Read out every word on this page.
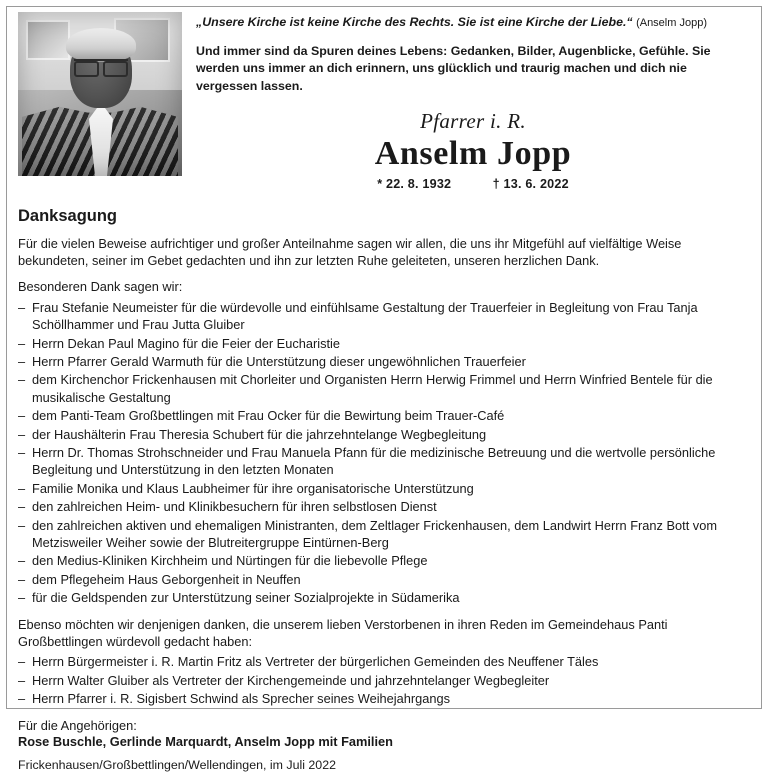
„Unsere Kirche ist keine Kirche des Rechts. Sie ist eine Kirche der Liebe.“ (Anselm Jopp)
Und immer sind da Spuren deines Lebens: Gedanken, Bilder, Augenblicke, Gefühle. Sie werden uns immer an dich erinnern, uns glücklich und traurig machen und dich nie vergessen lassen.
Pfarrer i. R.
Anselm Jopp
* 22. 8. 1932	† 13. 6. 2022
Danksagung

Für die vielen Beweise aufrichtiger und großer Anteilnahme sagen wir allen, die uns ihr Mitgefühl auf vielfältige Weise bekundeten, seiner im Gebet gedachten und ihn zur letzten Ruhe geleiteten, unseren herzlichen Dank.

Besonderen Dank sagen wir:

– Frau Stefanie Neumeister für die würdevolle und einfühlsame Gestaltung der Trauerfeier in Begleitung von Frau Tanja Schöllhammer und Frau Jutta Gluiber
– Herrn Dekan Paul Magino für die Feier der Eucharistie
– Herrn Pfarrer Gerald Warmuth für die Unterstützung dieser ungewöhnlichen Trauerfeier
– dem Kirchenchor Frickenhausen mit Chorleiter und Organisten Herrn Herwig Frimmel und Herrn Winfried Bentele für die musikalische Gestaltung
– dem Panti-Team Großbettlingen mit Frau Ocker für die Bewirtung beim Trauer-Café
– der Haushälterin Frau Theresia Schubert für die jahrzehntelange Wegbegleitung
– Herrn Dr. Thomas Strohschneider und Frau Manuela Pfann für die medizinische Betreuung und die wertvolle persönliche Begleitung und Unterstützung in den letzten Monaten
– Familie Monika und Klaus Laubheimer für ihre organisatorische Unterstützung
– den zahlreichen Heim- und Klinikbesuchern für ihren selbstlosen Dienst
– den zahlreichen aktiven und ehemaligen Ministranten, dem Zeltlager Frickenhausen, dem Landwirt Herrn Franz Bott vom Metzisweiler Weiher sowie der Blutreitergruppe Eintürnen-Berg
– den Medius-Kliniken Kirchheim und Nürtingen für die liebevolle Pflege
– dem Pflegeheim Haus Geborgenheit in Neuffen
– für die Geldspenden zur Unterstützung seiner Sozialprojekte in Südamerika

Ebenso möchten wir denjenigen danken, die unserem lieben Verstorbenen in ihren Reden im Gemeindehaus Panti Großbettlingen würdevoll gedacht haben:

– Herrn Bürgermeister i. R. Martin Fritz als Vertreter der bürgerlichen Gemeinden des Neuffener Täles
– Herrn Walter Gluiber als Vertreter der Kirchengemeinde und jahrzehntelanger Wegbegleiter
– Herrn Pfarrer i. R. Sigisbert Schwind als Sprecher seines Weihejahrgangs
Für die Angehörigen:
Rose Buschle, Gerlinde Marquardt, Anselm Jopp mit Familien
Frickenhausen/Großbettlingen/Wellendingen, im Juli 2022
